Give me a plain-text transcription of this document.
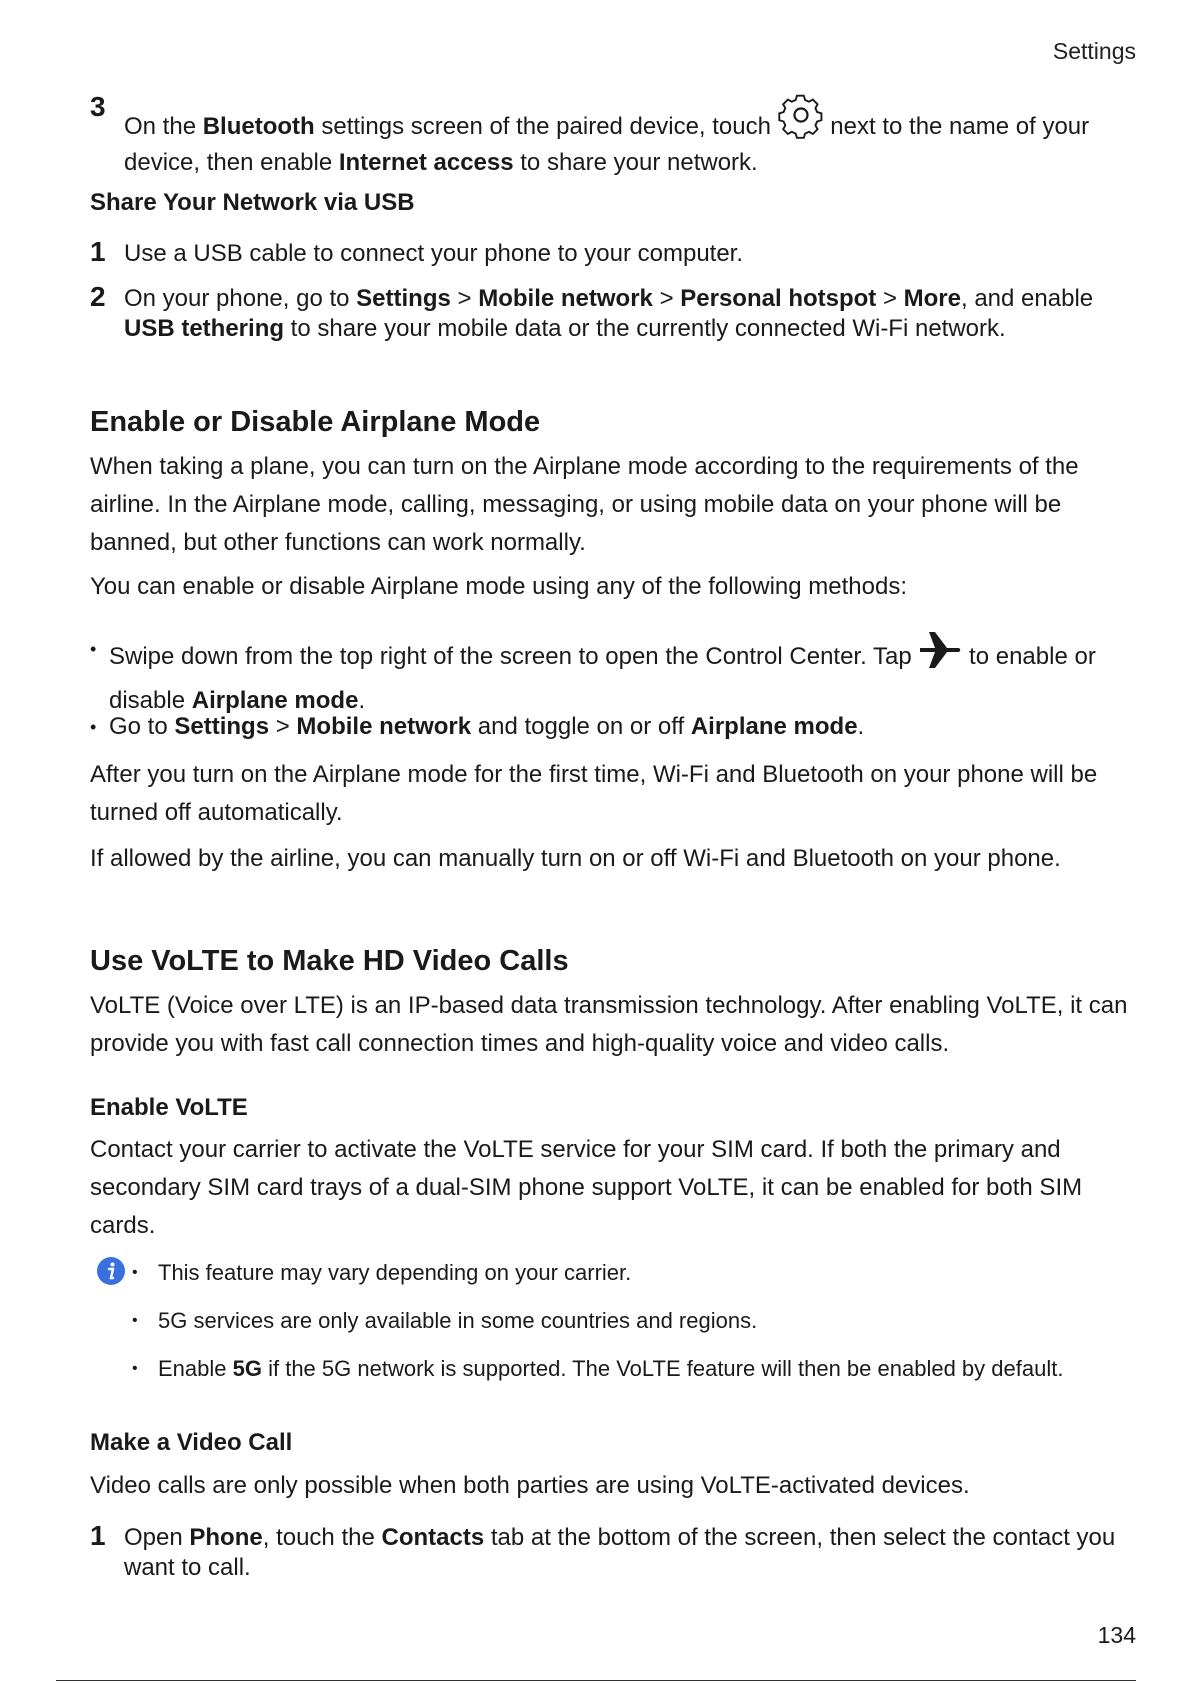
Settings
3
On the Bluetooth settings screen of the paired device, touch  next to the name of your device, then enable Internet access to share your network.
Share Your Network via USB
1 Use a USB cable to connect your phone to your computer.
2 On your phone, go to Settings > Mobile network > Personal hotspot > More, and enable USB tethering to share your mobile data or the currently connected Wi-Fi network.
Enable or Disable Airplane Mode
When taking a plane, you can turn on the Airplane mode according to the requirements of the airline. In the Airplane mode, calling, messaging, or using mobile data on your phone will be banned, but other functions can work normally.
You can enable or disable Airplane mode using any of the following methods:
• Swipe down from the top right of the screen to open the Control Center. Tap  to enable or disable Airplane mode.
• Go to Settings > Mobile network and toggle on or off Airplane mode.
After you turn on the Airplane mode for the first time, Wi-Fi and Bluetooth on your phone will be turned off automatically.
If allowed by the airline, you can manually turn on or off Wi-Fi and Bluetooth on your phone.
Use VoLTE to Make HD Video Calls
VoLTE (Voice over LTE) is an IP-based data transmission technology. After enabling VoLTE, it can provide you with fast call connection times and high-quality voice and video calls.
Enable VoLTE
Contact your carrier to activate the VoLTE service for your SIM card. If both the primary and secondary SIM card trays of a dual-SIM phone support VoLTE, it can be enabled for both SIM cards.
• This feature may vary depending on your carrier.
• 5G services are only available in some countries and regions.
• Enable 5G if the 5G network is supported. The VoLTE feature will then be enabled by default.
Make a Video Call
Video calls are only possible when both parties are using VoLTE-activated devices.
1 Open Phone, touch the Contacts tab at the bottom of the screen, then select the contact you want to call.
134
